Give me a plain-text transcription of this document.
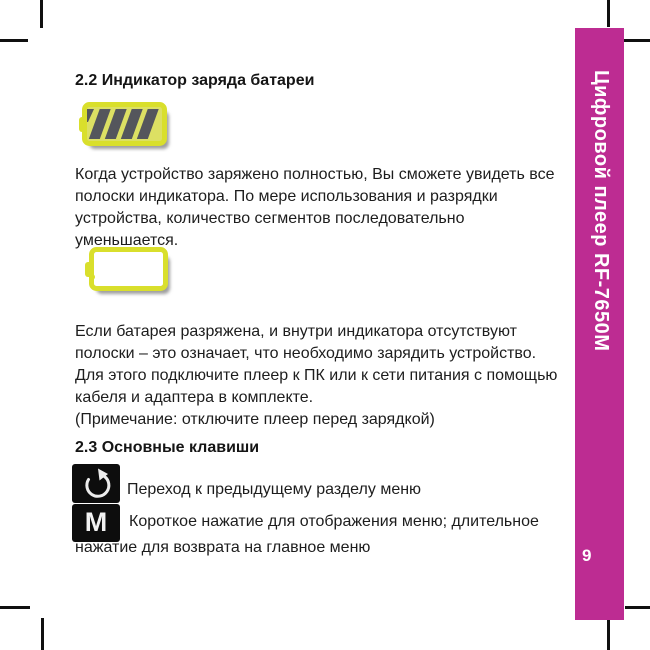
Цифровой плеер RF-7650M
9
2.2 Индикатор заряда батареи
Когда устройство заряжено полностью, Вы сможете увидеть все полоски индикатора. По мере использования и разрядки устройства, количество сегментов последовательно уменьшается.
Если батарея разряжена, и внутри индикатора отсутствуют полоски – это означает, что необходимо зарядить устройство. Для этого подключите плеер к ПК или к сети питания с помощью кабеля и адаптера в комплекте.
(Примечание: отключите плеер перед зарядкой)
2.3 Основные клавиши
Переход к предыдущему разделу меню
M	Короткое нажатие для отображения меню; длительное нажатие для возврата на главное меню
